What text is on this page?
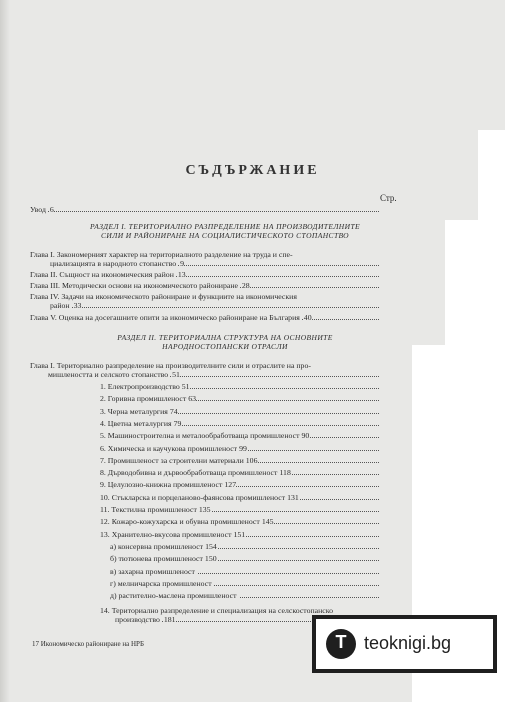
СЪДЪРЖАНИЕ
Стр.
Увод 6
РАЗДЕЛ I. ТЕРИТОРИАЛНО РАЗПРЕДЕЛЕНИЕ НА ПРОИЗВОДИТЕЛНИТЕ
СИЛИ И РАЙОНИРАНЕ НА СОЦИАЛИСТИЧЕСКОТО СТОПАНСТВО
Глава I. Закономерният характер на териториалното разделение на труда и спе-
циализацията в народното стопанство 9
Глава II. Същност на икономическия район 13
Глава III. Методически основи на икономическото райониране 28
Глава IV. Задачи на икономическото райониране и функциите на икономическия
район 33
Глава V. Оценка на досегашните опити за икономическо райониране на България 40
РАЗДЕЛ II. ТЕРИТОРИАЛНА СТРУКТУРА НА ОСНОВНИТЕ
НАРОДНОСТОПАНСКИ ОТРАСЛИ
Глава I. Териториално разпределение на производителните сили и отраслите на про-
мишлеността и селското стопанство 51
1. Електропроизводство 51
2. Горивна промишленост 63
3. Черна металургия 74
4. Цветна металургия 79
5. Машиностроителна и металообработваща промишленост 90
6. Химическа и каучукова промишленост 99
7. Промишленост за строителни материали 106
8. Дърводобивна и дървообработваща промишленост 118
9. Целулозно-книжна промишленост 127
10. Стъкларска и порцеланово-фаянсова промишленост 131
11. Текстилна промишленост 135
12. Кожаро-кожухарска и обувна промишленост 145
13. Хранително-вкусова промишленост 151
а) консервна промишленост 154
б) тютюнева промишленост 150
в) захарна промишленост
г) мелничарска промишленост
д) растително-маслена промишленост
14. Териториално разпределение и специализация на селскостопанско
производство 181
17 Икономическо райониране на НРБ
T	teoknigi.bg
